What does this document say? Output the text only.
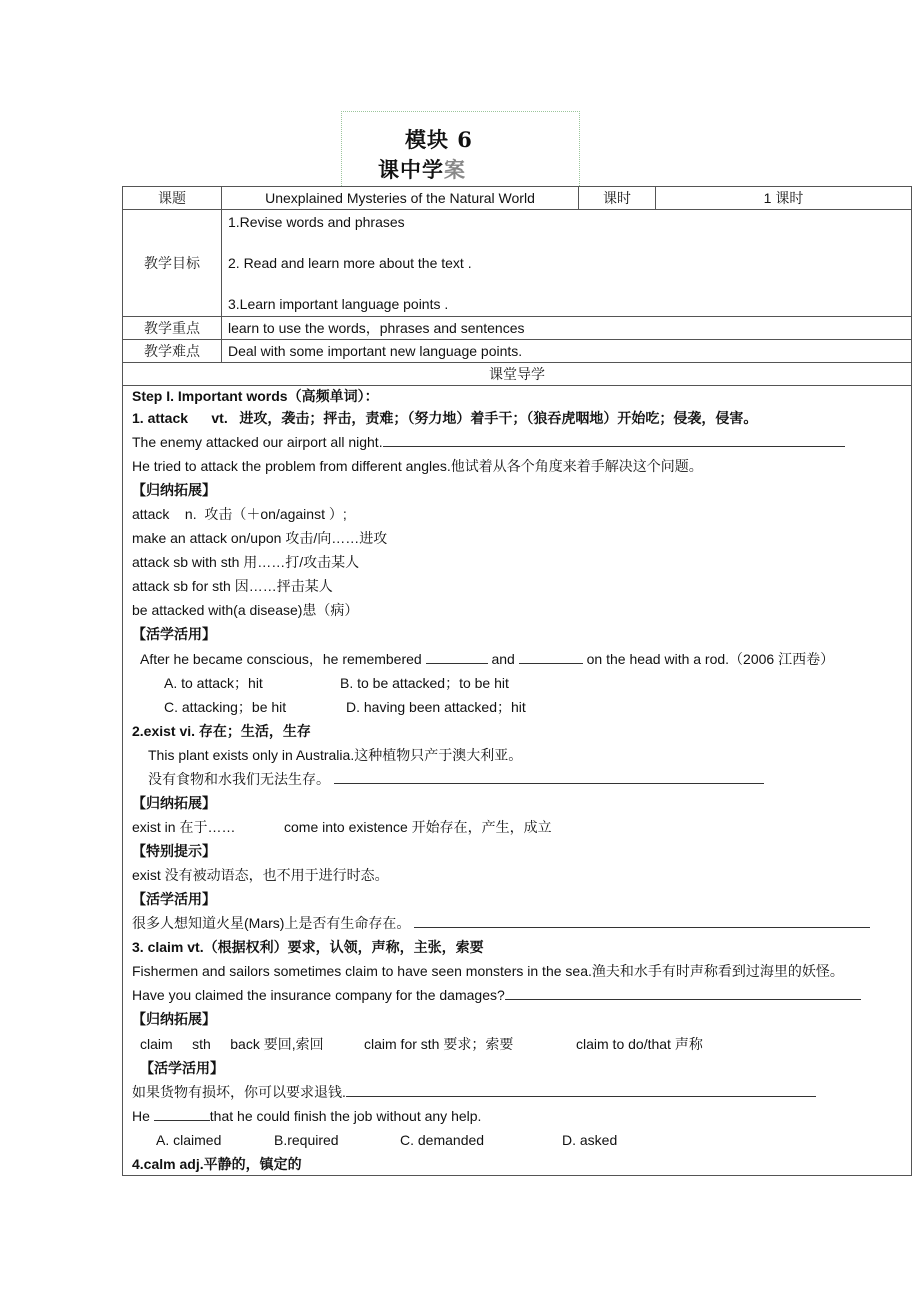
模块 6
课中学案
课题	Unexplained Mysteries of the Natural World	课时	1 课时
教学目标	1.Revise words and phrases
2. Read and learn more about the text .
3.Learn important language points .		

教学重点	learn to use the words，phrases and sentences		
教学难点	Deal with some important new language points.		
课堂导学			
Step I. Important words（高频单词）：
1. attack      vt.   进攻，袭击；抨击，责难；（努力地）着手干；（狼吞虎咽地）开始吃；侵袭，侵害。
The enemy attacked our airport all night.
He tried to attack the problem from different angles.他试着从各个角度来着手解决这个问题。
【归纳拓展】
attack    n.  攻击（＋on/against ）;
make an attack on/upon 攻击/向……进攻
attack sb with sth 用……打/攻击某人
attack sb for sth 因……抨击某人
be attacked with(a disease)患（病）
【活学活用】
After he became conscious，he remembered	and	on the head with a rod.（2006 江西卷）
A. to attack；hit	B. to be attacked；to be hit
C. attacking；be hit	D. having been attacked；hit
2.exist vi. 存在；生活，生存
This plant exists only in Australia.这种植物只产于澳大利亚。
没有食物和水我们无法生存。
【归纳拓展】
exist in 在于……	come into existence 开始存在，产生，成立
【特别提示】
exist 没有被动语态，也不用于进行时态。
【活学活用】
很多人想知道火星(Mars)上是否有生命存在。
3. claim vt.（根据权利）要求，认领，声称，主张，索要
Fishermen and sailors sometimes claim to have seen monsters in the sea.渔夫和水手有时声称看到过海里的妖怪。
Have you claimed the insurance company for the damages?
【归纳拓展】
claim     sth     back 要回,索回	claim for sth 要求；索要	claim to do/that 声称
【活学活用】
如果货物有损坏，你可以要求退钱.
He	that he could finish the job without any help.
A. claimed	B.required	C. demanded	D. asked
4.calm adj.平静的，镇定的
